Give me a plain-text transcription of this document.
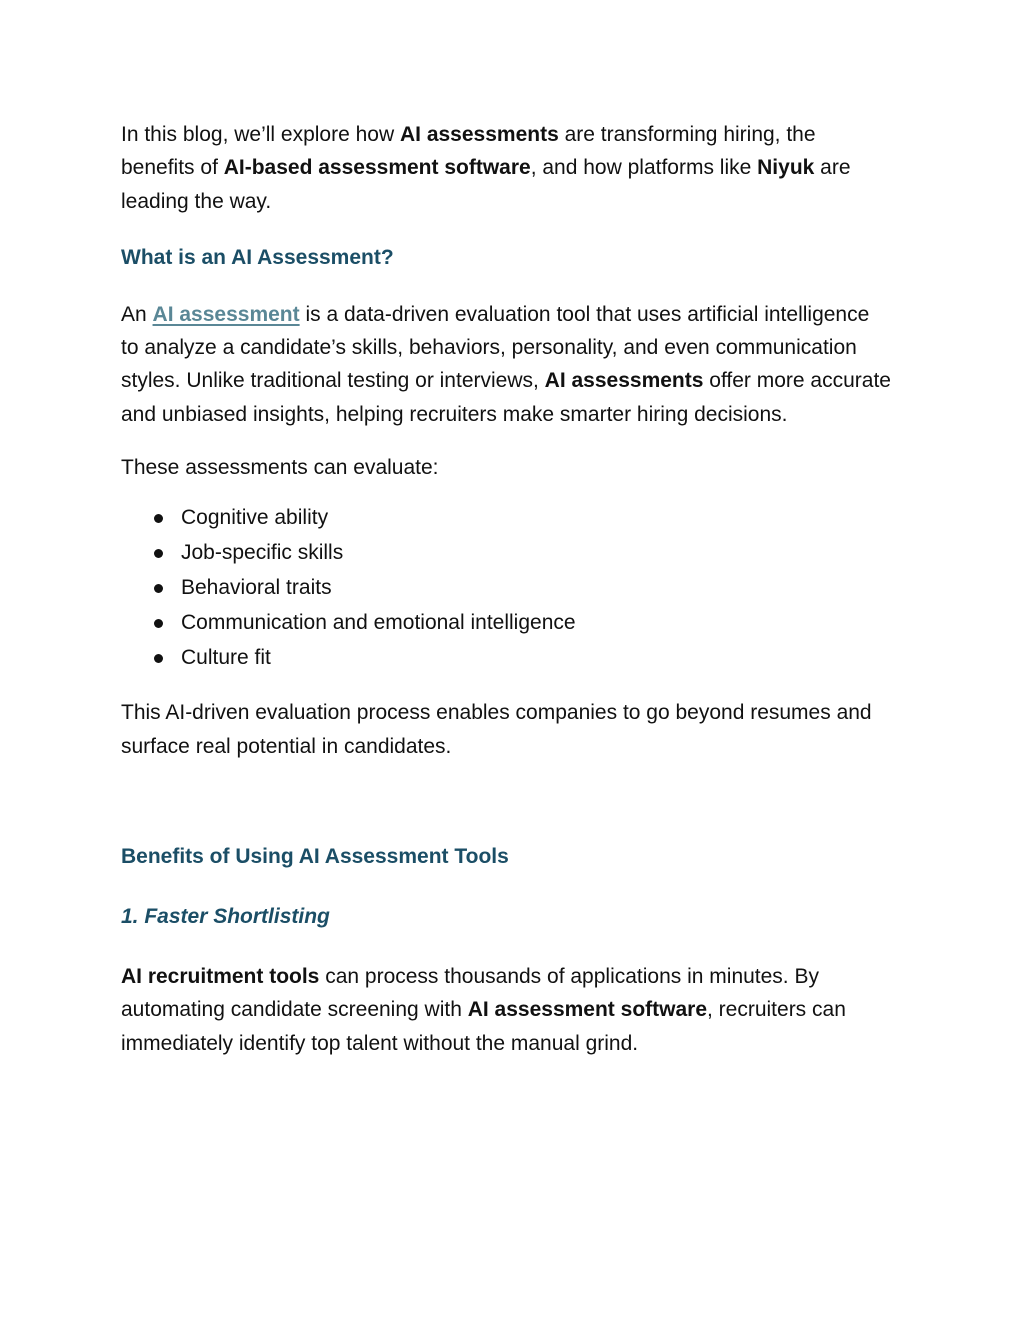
In this blog, we’ll explore how AI assessments are transforming hiring, the benefits of AI-based assessment software, and how platforms like Niyuk are leading the way.

What is an AI Assessment?

An AI assessment is a data-driven evaluation tool that uses artificial intelligence to analyze a candidate’s skills, behaviors, personality, and even communication styles. Unlike traditional testing or interviews, AI assessments offer more accurate and unbiased insights, helping recruiters make smarter hiring decisions.

These assessments can evaluate:

Cognitive ability
Job-specific skills
Behavioral traits
Communication and emotional intelligence
Culture fit

This AI-driven evaluation process enables companies to go beyond resumes and surface real potential in candidates.

Benefits of Using AI Assessment Tools
1. Faster Shortlisting

AI recruitment tools can process thousands of applications in minutes. By automating candidate screening with AI assessment software, recruiters can immediately identify top talent without the manual grind.
